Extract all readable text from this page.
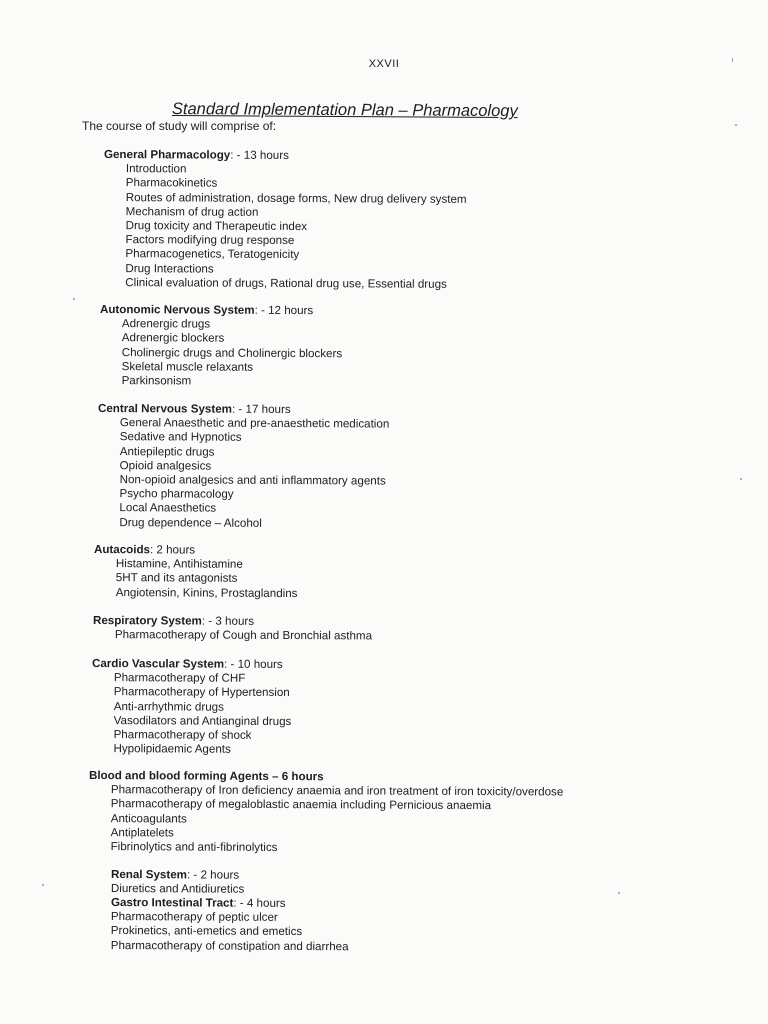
XXVII
Standard Implementation Plan – Pharmacology
The course of study will comprise of:
General Pharmacology: - 13 hours
Introduction
Pharmacokinetics
Routes of administration, dosage forms, New drug delivery system
Mechanism of drug action
Drug toxicity and Therapeutic index
Factors modifying drug response
Pharmacogenetics, Teratogenicity
Drug Interactions
Clinical evaluation of drugs, Rational drug use, Essential drugs
Autonomic Nervous System: - 12 hours
Adrenergic drugs
Adrenergic blockers
Cholinergic drugs and Cholinergic blockers
Skeletal muscle relaxants
Parkinsonism
Central Nervous System: - 17 hours
General Anaesthetic and pre-anaesthetic medication
Sedative and Hypnotics
Antiepileptic drugs
Opioid analgesics
Non-opioid analgesics and anti inflammatory agents
Psycho pharmacology
Local Anaesthetics
Drug dependence – Alcohol
Autacoids: 2 hours
Histamine, Antihistamine
5HT and its antagonists
Angiotensin, Kinins, Prostaglandins
Respiratory System: - 3 hours
Pharmacotherapy of Cough and Bronchial asthma
Cardio Vascular System: - 10 hours
Pharmacotherapy of CHF
Pharmacotherapy of Hypertension
Anti-arrhythmic drugs
Vasodilators and Antianginal drugs
Pharmacotherapy of shock
Hypolipidaemic Agents
Blood and blood forming Agents – 6 hours
Pharmacotherapy of Iron deficiency anaemia and iron treatment of iron toxicity/overdose
Pharmacotherapy of megaloblastic anaemia including Pernicious anaemia
Anticoagulants
Antiplatelets
Fibrinolytics and anti-fibrinolytics
Renal System: - 2 hours
Diuretics and Antidiuretics
Gastro Intestinal Tract: - 4 hours
Pharmacotherapy of peptic ulcer
Prokinetics, anti-emetics and emetics
Pharmacotherapy of constipation and diarrhea
